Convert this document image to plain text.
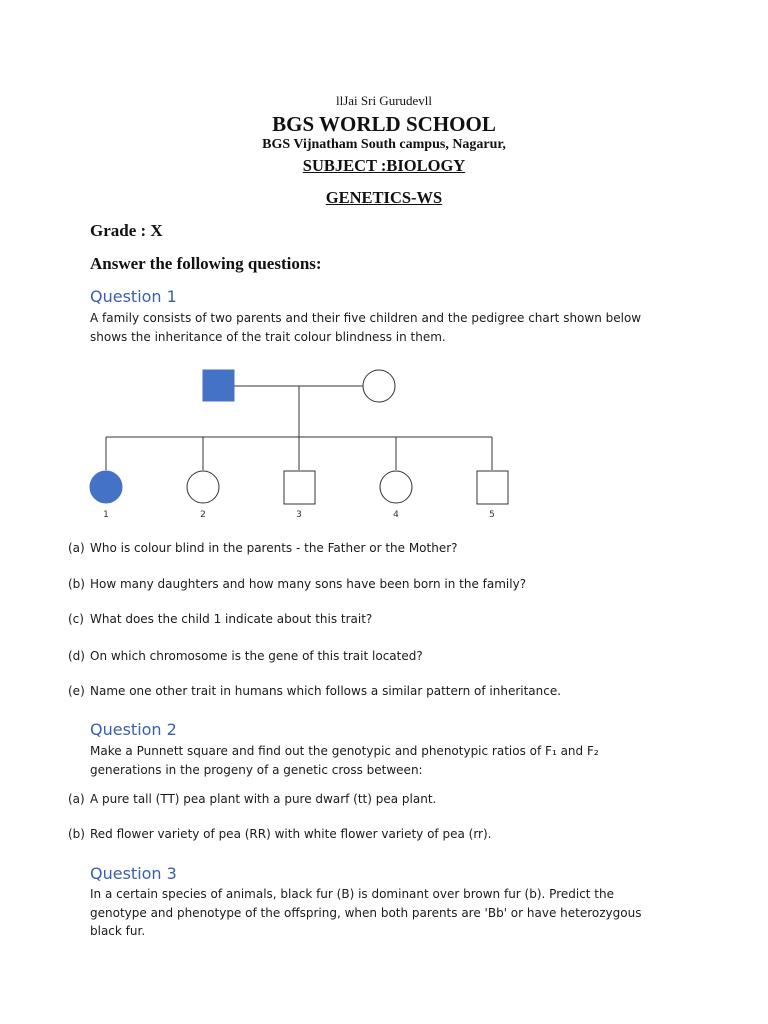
llJai Sri Gurudevll
BGS WORLD SCHOOL
BGS Vijnatham South campus, Nagarur,
SUBJECT :BIOLOGY
GENETICS-WS
Grade : X
Answer the following questions:
Question 1
A family consists of two parents and their five children and the pedigree chart shown below shows the inheritance of the trait colour blindness in them.
1	2	3	4	5
(a) Who is colour blind in the parents - the Father or the Mother?
(b) How many daughters and how many sons have been born in the family?
(c) What does the child 1 indicate about this trait?
(d) On which chromosome is the gene of this trait located?
(e) Name one other trait in humans which follows a similar pattern of inheritance.
Question 2
Make a Punnett square and find out the genotypic and phenotypic ratios of F₁ and F₂ generations in the progeny of a genetic cross between:
(a) A pure tall (TT) pea plant with a pure dwarf (tt) pea plant.
(b) Red flower variety of pea (RR) with white flower variety of pea (rr).
Question 3
In a certain species of animals, black fur (B) is dominant over brown fur (b). Predict the genotype and phenotype of the offspring, when both parents are 'Bb' or have heterozygous black fur.
